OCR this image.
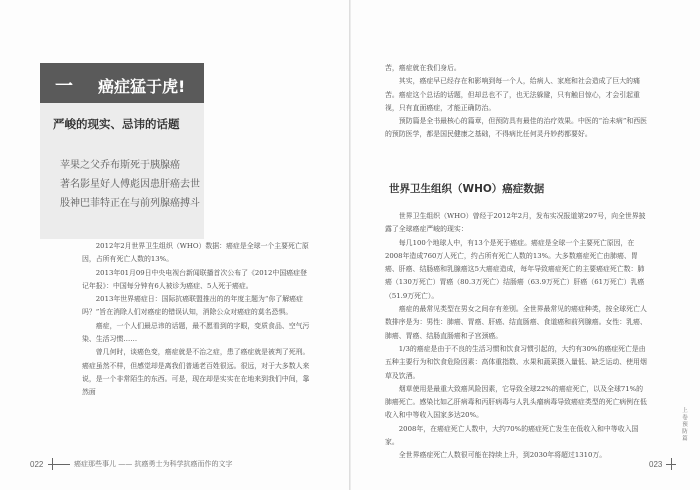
一 癌症猛于虎!
严峻的现实、忌讳的话题
苹果之父乔布斯死于胰腺癌
著名影星好人傅彪因患肝癌去世
股神巴菲特正在与前列腺癌搏斗

2012年2月世界卫生组织（WHO）数据：癌症是全球一个主要死亡原因，占所有死亡人数的13%。

2013年01月09日中央电视台新闻联播首次公布了《2012中国癌症登记年报》：中国每分钟有6人被诊为癌症、5人死于癌症。

2013年世界癌症日：国际抗癌联盟推出的的年度主题为“你了解癌症吗？”旨在消除人们对癌症的错误认知，消除公众对癌症的莫名恐惧。

癌症，一个人们最忌讳的话题，最不愿看到的字眼，变质食品、空气污染、生活习惯……

曾几何时，谈癌色变，癌症就是不治之症，患了癌症就是被判了死刑。癌症虽然不样，但感觉却是离我们普通老百姓很远。很远，对于大多数人来说，是一个非常陌生的东西。可是，现在却是实实在在地来到我们中间，靠然面

022	癌症那些事儿 —— 抗癌勇士为科学抗癌而作的文字

苦，癌症就在我们身后。

其实，癌症早已经存在和影响到每一个人，给病人、家庭和社会造成了巨大的痛苦。癌症这个总话的话题，但却总也不了，也无法躲避，只有触目惊心，才会引起重视，只有直面癌症，才能正确防治。

预防篇是全书最核心的篇章，但预防具有最佳的治疗效果。中医的“治未病”和西医的预防医学，都是国民健康之基础，不得病比任何灵丹妙药都要好。

世界卫生组织（WHO）癌症数据

世界卫生组织（WHO）曾经于2012年2月，发布实况报道第297号，向全世界披露了全球癌症严峻的现实：

每几100个地球人中，有13个是死于癌症。癌症是全球一个主要死亡原因，在2008年造成760万人死亡，约占所有死亡人数的13%。大多数癌症死亡由肺癌、胃癌、肝癌、结肠癌和乳腺癌这5大癌症造成，每年导致癌症死亡的主要癌症死亡数：肺癌（130万死亡）胃癌（80.3万死亡）结肠癌（63.9万死亡）肝癌（61万死亡）乳癌（51.9万死亡）。

癌症的最常见类型在男女之间存有差别。全世界最常见的癌症种类，按全球死亡人数排序是为：男性：肺癌、胃癌、肝癌、结直肠癌、食道癌和前列腺癌。女性：乳癌、肺癌、胃癌、结肠直肠癌和子宫颈癌。

1/3的癌症是由于不良的生活习惯和饮食习惯引起的，大约有30%的癌症死亡是由五种主要行为和饮食危险因素：高体重指数、水果和蔬菜摄入量低、缺乏运动、使用烟草及饮酒。

烟草使用是最重大致癌风险因素，它导致全球22%的癌症死亡，以及全球71%的肺癌死亡。感染比如乙肝病毒和丙肝病毒与人乳头瘤病毒导致癌症类型的死亡病例在低收入和中等收入国家多达20%。

2008年，在癌症死亡人数中，大约70%的癌症死亡发生在低收入和中等收入国家。

全世界癌症死亡人数很可能在持续上升，到2030年将超过1310万。

上卷 预防篇
023
